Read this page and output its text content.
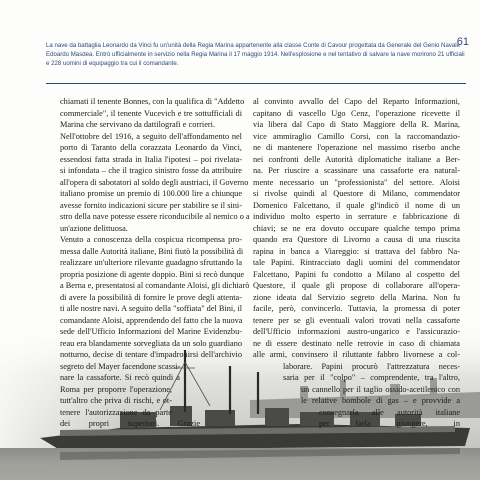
61
La nave da battaglia Leonardo da Vinci fu un'unità della Regia Marina appartenente alla classe Conte di Cavour progettata da Generale del Genio Navale Edoardo Masdea. Entrò ufficialmente in servizio nella Regia Marina il 17 maggio 1914. Nell'esplosione e nel tentativo di salvare la nave morirono 21 ufficiali e 228 uomini di equipaggio tra cui il comandante.
chiamati il tenente Bonnes, con la qualifica di "Addetto
commerciale", il tenente Vucevich e tre sottufficiali di
Marina che servivano da dattilografi e corrieri.
Nell'ottobre del 1916, a seguito dell'affondamento nel
porto di Taranto della corazzata Leonardo da Vinci,
essendosi fatta strada in Italia l'ipotesi – poi rivelata-
si infondata – che il tragico sinistro fosse da attribuire
all'opera di sabotatori al soldo degli austriaci, il Governo
italiano promise un premio di 100.000 lire a chiunque
avesse fornito indicazioni sicure per stabilire se il sini-
stro della nave potesse essere riconducibile al nemico o a
un'azione delittuosa.
Venuto a conoscenza della cospicua ricompensa pro-
messa dalle Autorità italiane, Bini fiutò la possibilità di
realizzare un'ulteriore rilevante guadagno sfruttando la
propria posizione di agente doppio. Bini si recò dunque
a Berna e, presentatosi al comandante Aloisi, gli dichiarò
di avere la possibilità di fornire le prove degli attenta-
ti alle nostre navi. A seguito della "soffiata" del Bini, il
comandante Aloisi, apprendendo del fatto che la nuova
sede dell'Ufficio Informazioni del Marine Evidenzbu-
reau era blandamente sorvegliata da un solo guardiano
notturno, decise di tentare d'impadronirsi dell'archivio
segreto del Mayer facendone scassi-
nare la cassaforte. Si recò quindi a
Roma per proporre l'operazione,
tutt'altro che priva di rischi, e ot-
tenere l'autorizzazione da parte
dei propri superiori. Grazie
al convinto avvallo del Capo del Reparto Informazioni,
capitano di vascello Ugo Cenz, l'operazione ricevette il
via libera dal Capo di Stato Maggiore della R. Marina,
vice ammiraglio Camillo Corsi, con la raccomandazio-
ne di mantenere l'operazione nel massimo riserbo anche
nei confronti delle Autorità diplomatiche italiane a Ber-
na. Per riuscire a scassinare una cassaforte era natural-
mente necessario un "professionista" del settore. Aloisi
si rivolse quindi al Questore di Milano, commendator
Domenico Falcettano, il quale gl'indicò il nome di un
individuo molto esperto in serrature e fabbricazione di
chiavi; se ne era dovuto occupare qualche tempo prima
quando era Questore di Livorno a causa di una riuscita
rapina in banca a Viareggio: si trattava del fabbro Na-
tale Papini. Rintracciato dagli uomini del commendator
Falcettano, Papini fu condotto a Milano al cospetto del
Questore, il quale gli propose di collaborare all'opera-
zione ideata dal Servizio segreto della Marina. Non fu
facile, però, convincerlo. Tuttavia, la promessa di poter
tenere per se gli eventuali valori trovati nella cassaforte
dell'Ufficio informazioni austro-ungarico e l'assicurazio-
ne di essere destinato nelle retrovie in caso di chiamata
alle armi, convinsero il riluttante fabbro livornese a col-
laborare. Papini procurò l'attrezzatura neces-
saria per il "colpo" – comprendente, tra l'altro,
un cannello per il taglio ossido-acetilenico con
le relative bombole di gas – e provvide a
consegnarla alle autorità italiane
per farla giungere, in
